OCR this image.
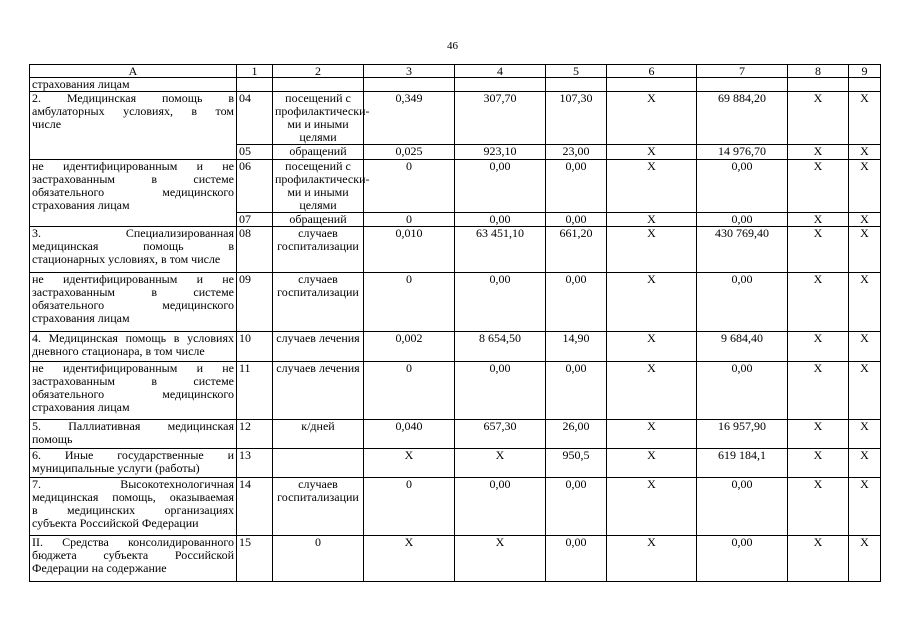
46
А	1	2	3	4	5	6	7	8	9

страхования лицам									

2. Медицинская помощь в
амбулаторных условиях, в том
числе	04	посещений с профилактически-ми и иными целями	0,349	307,70	107,30	Х	69 884,20	Х	Х
	05	обращений	0,025	923,10	23,00	Х	14 976,70	Х	Х

не идентифицированным и не
застрахованным в системе
обязательного медицинского
страхования лицам	06	посещений с профилактически-ми и иными целями	0	0,00	0,00	Х	0,00	Х	Х
	07	обращений	0	0,00	0,00	Х	0,00	Х	Х

3. Специализированная
медицинская помощь в
стационарных условиях, в том числе	08	случаев госпитализации	0,010	63 451,10	661,20	Х	430 769,40	Х	Х

не идентифицированным и не
застрахованным в системе
обязательного медицинского
страхования лицам	09	случаев госпитализации	0	0,00	0,00	Х	0,00	Х	Х

4. Медицинская помощь в условиях
дневного стационара, в том числе	10	случаев лечения	0,002	8 654,50	14,90	Х	9 684,40	Х	Х

не идентифицированным и не
застрахованным в системе
обязательного медицинского
страхования лицам	11	случаев лечения	0	0,00	0,00	Х	0,00	Х	Х

5. Паллиативная медицинская
помощь	12	к/дней	0,040	657,30	26,00	Х	16 957,90	Х	Х

6. Иные государственные и
муниципальные услуги (работы)	13		Х	Х	950,5	Х	619 184,1	Х	Х

7. Высокотехнологичная
медицинская помощь, оказываемая
в медицинских организациях
субъекта Российской Федерации	14	случаев госпитализации	0	0,00	0,00	Х	0,00	Х	Х

II. Средства консолидированного
бюджета субъекта Российской
Федерации на содержание	15	0	Х	Х	0,00	Х	0,00	Х	Х
